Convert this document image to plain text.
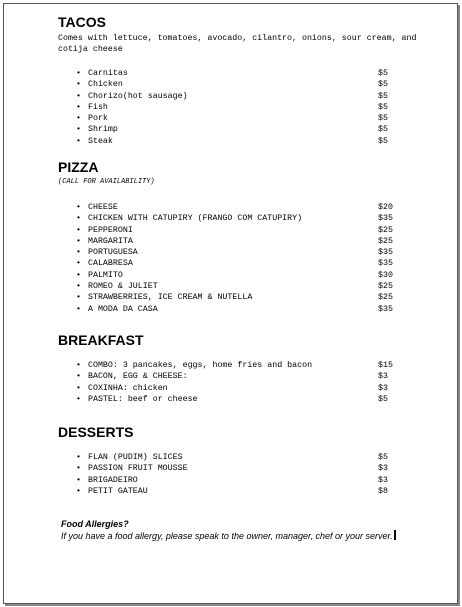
TACOS

Comes with lettuce, tomatoes, avocado, cilantro, onions, sour cream, and cotija cheese

• Carnitas	$5
• Chicken	$5
• Chorizo(hot sausage)	$5
• Fish	$5
• Pork	$5
• Shrimp	$5
• Steak	$5
PIZZA

(CALL FOR AVAILABILITY)

• CHEESE	$20
• CHICKEN WITH CATUPIRY (FRANGO COM CATUPIRY)	$35
• PEPPERONI	$25
• MARGARITA	$25
• PORTUGUESA	$35
• CALABRESA	$35
• PALMITO	$30
• ROMEO & JULIET	$25
• STRAWBERRIES, ICE CREAM & NUTELLA	$25
• A MODA DA CASA	$35
BREAKFAST
• COMBO: 3 pancakes, eggs, home fries and bacon	$15
• BACON, EGG & CHEESE:	$3
• COXINHA: chicken	$3
• PASTEL: beef or cheese	$5
DESSERTS
• FLAN (PUDIM) SLICES	$5
• PASSION FRUIT MOUSSE	$3
• BRIGADEIRO	$3
• PETIT GATEAU	$8
Food Allergies?
If you have a food allergy, please speak to the owner, manager, chef or your server.
